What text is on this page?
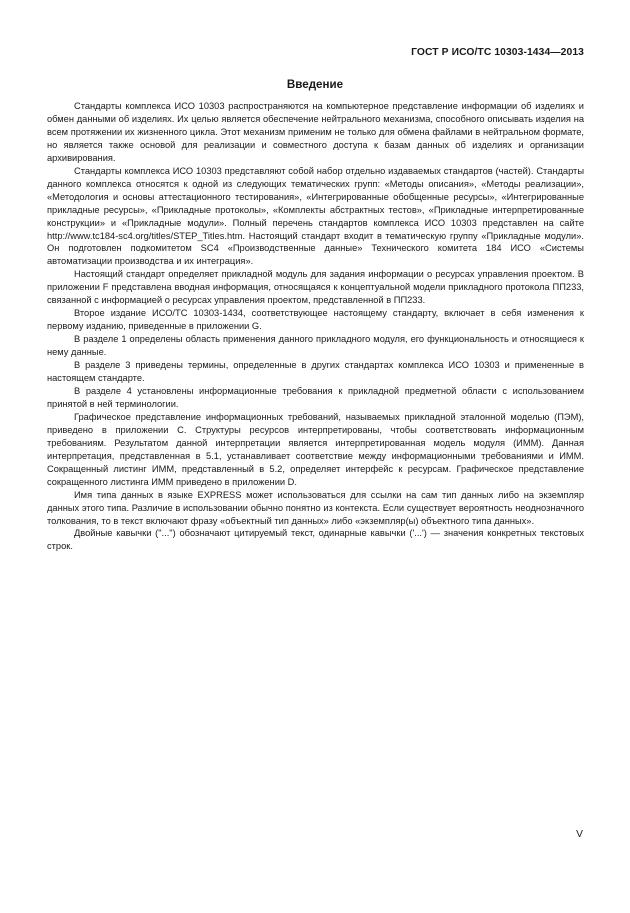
ГОСТ Р ИСО/ТС 10303-1434—2013
Введение

Стандарты комплекса ИСО 10303 распространяются на компьютерное представление информации об изделиях и обмен данными об изделиях. Их целью является обеспечение нейтрального механизма, способного описывать изделия на всем протяжении их жизненного цикла. Этот механизм применим не только для обмена файлами в нейтральном формате, но является также основой для реализации и совместного доступа к базам данных об изделиях и организации архивирования.

Стандарты комплекса ИСО 10303 представляют собой набор отдельно издаваемых стандартов (частей). Стандарты данного комплекса относятся к одной из следующих тематических групп: «Методы описания», «Методы реализации», «Методология и основы аттестационного тестирования», «Интегрированные обобщенные ресурсы», «Интегрированные прикладные ресурсы», «Прикладные протоколы», «Комплекты абстрактных тестов», «Прикладные интерпретированные конструкции» и «Прикладные модули». Полный перечень стандартов комплекса ИСО 10303 представлен на сайте http://www.tc184-sc4.org/titles/STEP_Titles.htm. Настоящий стандарт входит в тематическую группу «Прикладные модули». Он подготовлен подкомитетом SC4 «Производственные данные» Технического комитета 184 ИСО «Системы автоматизации производства и их интеграция».

Настоящий стандарт определяет прикладной модуль для задания информации о ресурсах управления проектом. В приложении F представлена вводная информация, относящаяся к концептуальной модели прикладного протокола ПП233, связанной с информацией о ресурсах управления проектом, представленной в ПП233.

Второе издание ИСО/ТС 10303-1434, соответствующее настоящему стандарту, включает в себя изменения к первому изданию, приведенные в приложении G.

В разделе 1 определены область применения данного прикладного модуля, его функциональность и относящиеся к нему данные.

В разделе 3 приведены термины, определенные в других стандартах комплекса ИСО 10303 и примененные в настоящем стандарте.

В разделе 4 установлены информационные требования к прикладной предметной области с использованием принятой в ней терминологии.

Графическое представление информационных требований, называемых прикладной эталонной моделью (ПЭМ), приведено в приложении С. Структуры ресурсов интерпретированы, чтобы соответствовать информационным требованиям. Результатом данной интерпретации является интерпретированная модель модуля (ИММ). Данная интерпретация, представленная в 5.1, устанавливает соответствие между информационными требованиями и ИММ. Сокращенный листинг ИММ, представленный в 5.2, определяет интерфейс к ресурсам. Графическое представление сокращенного листинга ИММ приведено в приложении D.

Имя типа данных в языке EXPRESS может использоваться для ссылки на сам тип данных либо на экземпляр данных этого типа. Различие в использовании обычно понятно из контекста. Если существует вероятность неоднозначного толкования, то в текст включают фразу «объектный тип данных» либо «экземпляр(ы) объектного типа данных».

Двойные кавычки ("...") обозначают цитируемый текст, одинарные кавычки ('...') — значения конкретных текстовых строк.

V
